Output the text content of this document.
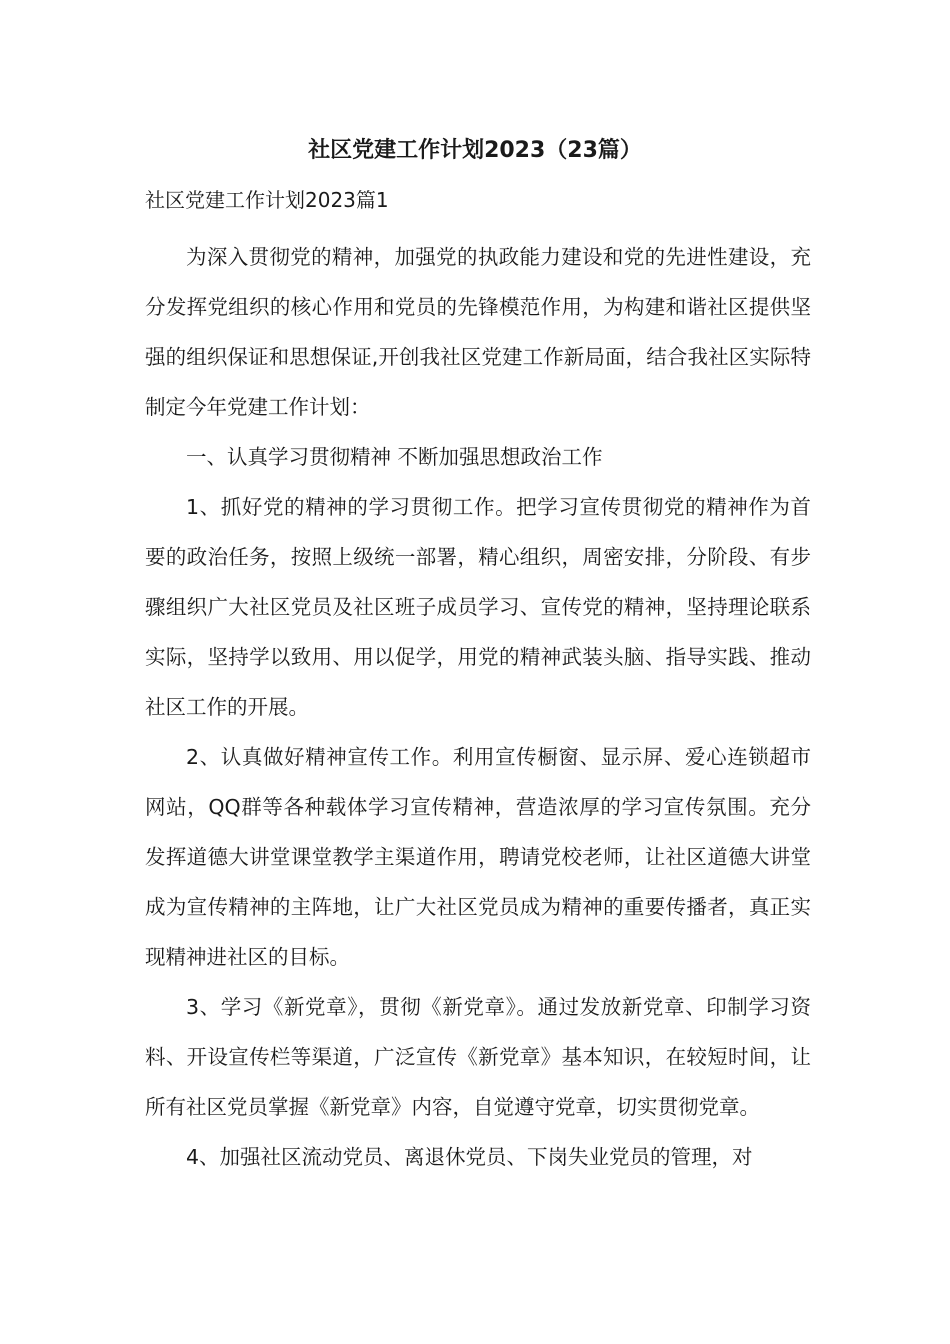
社区党建工作计划2023（23篇）
社区党建工作计划2023篇1

为深入贯彻党的精神，加强党的执政能力建设和党的先进性建设，充分发挥党组织的核心作用和党员的先锋模范作用，为构建和谐社区提供坚强的组织保证和思想保证,开创我社区党建工作新局面，结合我社区实际特制定今年党建工作计划：

一、认真学习贯彻精神 不断加强思想政治工作

1、抓好党的精神的学习贯彻工作。把学习宣传贯彻党的精神作为首要的政治任务，按照上级统一部署，精心组织，周密安排，分阶段、有步骤组织广大社区党员及社区班子成员学习、宣传党的精神，坚持理论联系实际，坚持学以致用、用以促学，用党的精神武装头脑、指导实践、推动社区工作的开展。

2、认真做好精神宣传工作。利用宣传橱窗、显示屏、爱心连锁超市网站，QQ群等各种载体学习宣传精神，营造浓厚的学习宣传氛围。充分发挥道德大讲堂课堂教学主渠道作用，聘请党校老师，让社区道德大讲堂成为宣传精神的主阵地，让广大社区党员成为精神的重要传播者，真正实现精神进社区的目标。

3、学习《新党章》，贯彻《新党章》。通过发放新党章、印制学习资料、开设宣传栏等渠道，广泛宣传《新党章》基本知识，在较短时间，让所有社区党员掌握《新党章》内容，自觉遵守党章，切实贯彻党章。

4、加强社区流动党员、离退休党员、下岗失业党员的管理，对
